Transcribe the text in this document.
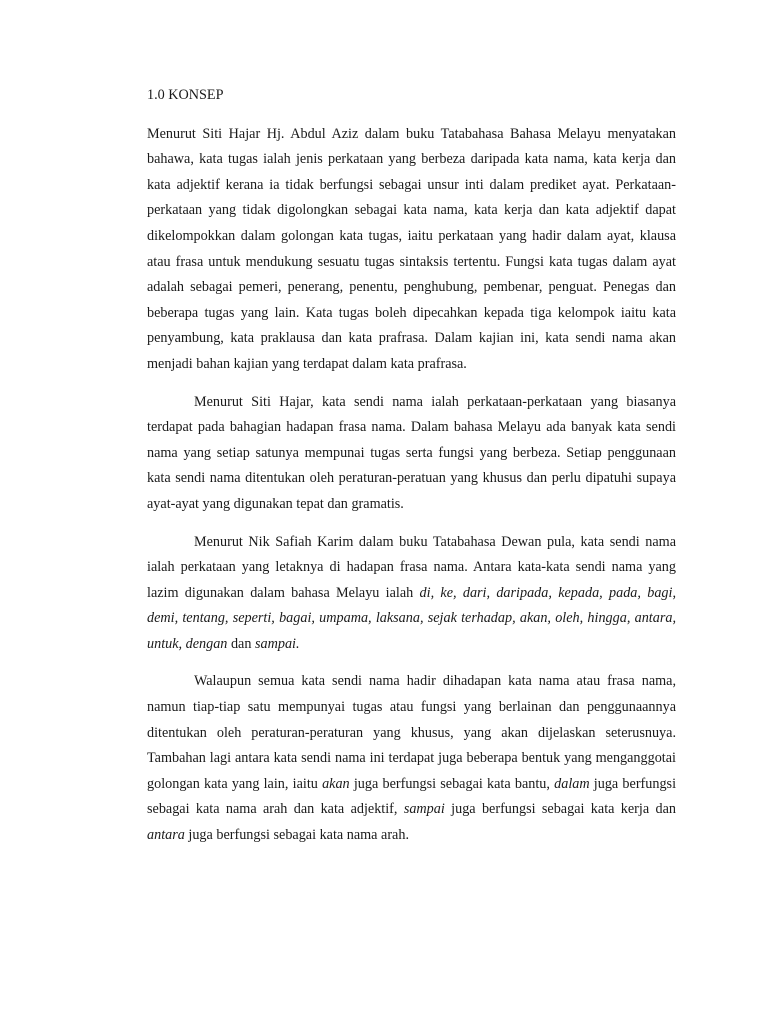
1.0 KONSEP

Menurut Siti Hajar Hj. Abdul Aziz dalam buku Tatabahasa Bahasa Melayu menyatakan bahawa, kata tugas ialah jenis perkataan yang berbeza daripada kata nama, kata kerja dan kata adjektif kerana ia tidak berfungsi sebagai unsur inti dalam prediket ayat. Perkataan-perkataan yang tidak digolongkan sebagai kata nama, kata kerja dan kata adjektif dapat dikelompokkan dalam golongan kata tugas, iaitu perkataan yang hadir dalam ayat, klausa atau frasa untuk mendukung sesuatu tugas sintaksis tertentu. Fungsi kata tugas dalam ayat adalah sebagai pemeri, penerang, penentu, penghubung, pembenar, penguat. Penegas dan beberapa tugas yang lain. Kata tugas boleh dipecahkan kepada tiga kelompok iaitu kata penyambung, kata praklausa dan kata prafrasa. Dalam kajian ini, kata sendi nama akan menjadi bahan kajian yang terdapat dalam kata prafrasa.

Menurut Siti Hajar, kata sendi nama ialah perkataan-perkataan yang biasanya terdapat pada bahagian hadapan frasa nama. Dalam bahasa Melayu ada banyak kata sendi nama yang setiap satunya mempunai tugas serta fungsi yang berbeza. Setiap penggunaan kata sendi nama ditentukan oleh peraturan-peratuan yang khusus dan perlu dipatuhi supaya ayat-ayat yang digunakan tepat dan gramatis.

Menurut Nik Safiah Karim dalam buku Tatabahasa Dewan pula, kata sendi nama ialah perkataan yang letaknya di hadapan frasa nama. Antara kata-kata sendi nama yang lazim digunakan dalam bahasa Melayu ialah di, ke, dari, daripada, kepada, pada, bagi, demi, tentang, seperti, bagai, umpama, laksana, sejak terhadap, akan, oleh, hingga, antara, untuk, dengan dan sampai.

Walaupun semua kata sendi nama hadir dihadapan kata nama atau frasa nama, namun tiap-tiap satu mempunyai tugas atau fungsi yang berlainan dan penggunaannya ditentukan oleh peraturan-peraturan yang khusus, yang akan dijelaskan seterusnuya. Tambahan lagi antara kata sendi nama ini terdapat juga beberapa bentuk yang menganggotai golongan kata yang lain, iaitu akan juga berfungsi sebagai kata bantu, dalam juga berfungsi sebagai kata nama arah dan kata adjektif, sampai juga berfungsi sebagai kata kerja dan antara juga berfungsi sebagai kata nama arah.
